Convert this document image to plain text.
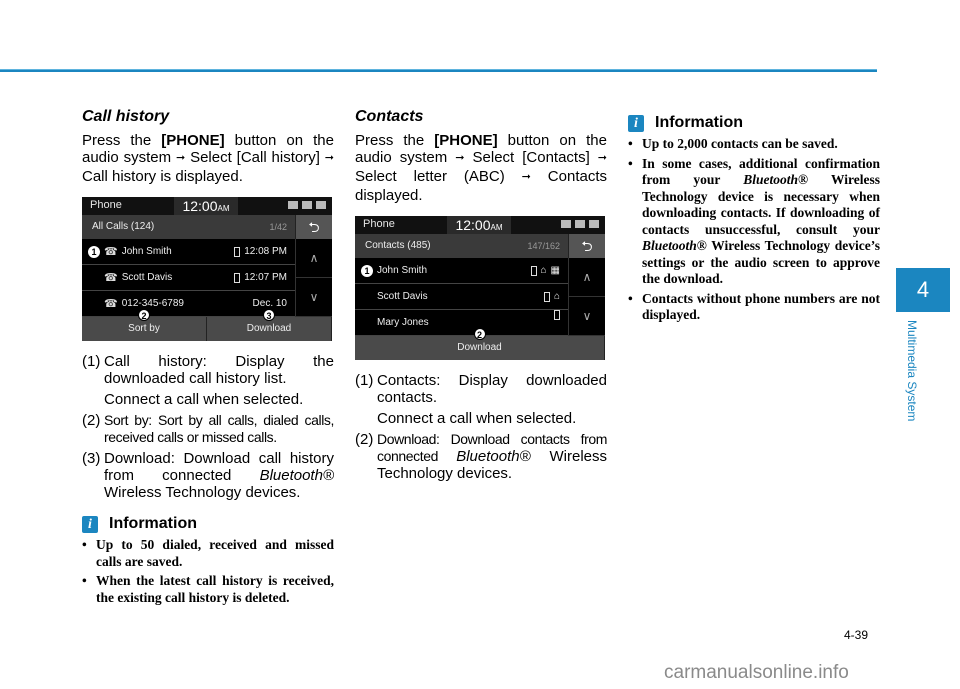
Call history

Press the [PHONE] button on the audio system ➞ Select [Call history] ➞ Call history is displayed.

Phone	12:00AM
All Calls (124)	1/42	⮌
1 ☎ John Smith	12:08 PM
☎ Scott Davis	12:07 PM
☎ 012-345-6789	Dec. 10
∧
∨
2
Sort by
3
Download
(1) Call history: Display the downloaded call history list.

Connect a call when selected.
(2) Sort by: Sort by all calls, dialed calls, received calls or missed calls.
(3) Download: Download call history from connected Bluetooth® Wireless Technology devices.
i	Information
• Up to 50 dialed, received and missed calls are saved.
• When the latest call history is received, the existing call history is deleted.
Contacts

Press the [PHONE] button on the audio system ➞ Select [Contacts] ➞ Select letter (ABC) ➞ Contacts displayed.

Phone	12:00AM
Contacts (485)	147/162	⮌
1 John Smith	⌂ ▦
Scott Davis	⌂
Mary Jones
∧
∨
2
Download
(1) Contacts: Display downloaded contacts.

Connect a call when selected.
(2) Download: Download contacts from connected Bluetooth® Wireless Technology devices.
i	Information
• Up to 2,000 contacts can be saved.
• In some cases, additional confirmation from your Bluetooth® Wireless Technology device is necessary when downloading contacts. If downloading of contacts unsuccessful, consult your Bluetooth® Wireless Technology device’s settings or the audio screen to approve the download.
• Contacts without phone numbers are not displayed.
4
Multimedia System
4-39
carmanualsonline.info
